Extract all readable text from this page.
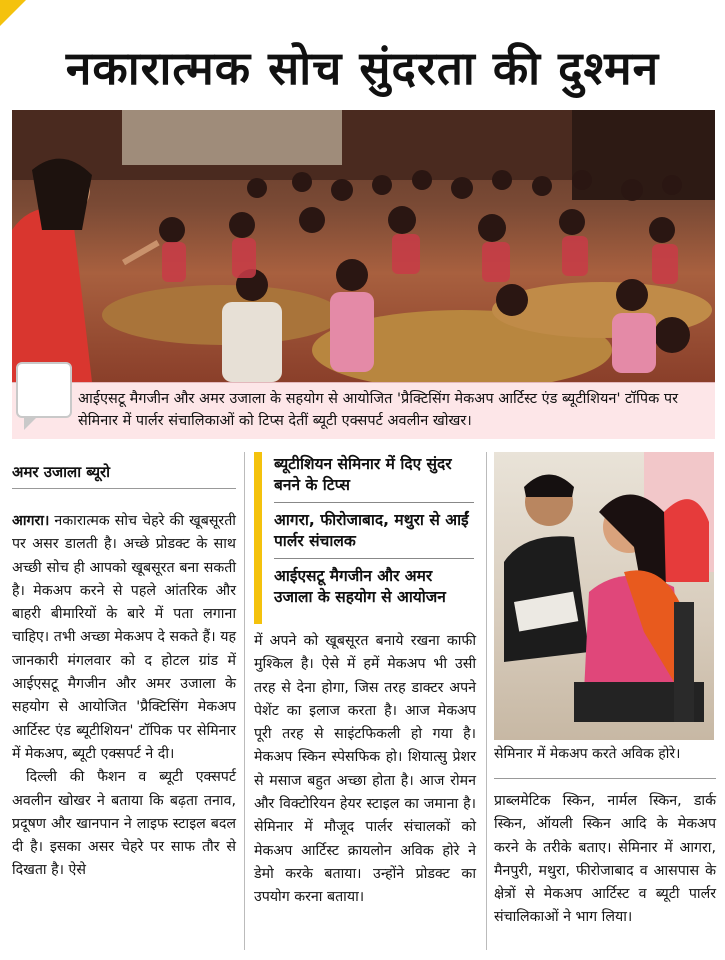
नकारात्मक सोच सुंदरता की दुश्मन
आईएसटू मैगजीन और अमर उजाला के सहयोग से आयोजित 'प्रैक्टिसिंग मेकअप आर्टिस्ट एंड ब्यूटीशियन' टॉपिक पर सेमिनार में पार्लर संचालिकाओं को टिप्स देतीं ब्यूटी एक्सपर्ट अवलीन खोखर।
अमर उजाला ब्यूरो

आगरा। नकारात्मक सोच चेहरे की खूबसूरती पर असर डालती है। अच्छे प्रोडक्ट के साथ अच्छी सोच ही आपको खूबसूरत बना सकती है। मेकअप करने से पहले आंतरिक और बाहरी बीमारियों के बारे में पता लगाना चाहिए। तभी अच्छा मेकअप दे सकते हैं। यह जानकारी मंगलवार को द होटल ग्रांड में आईएसटू मैगजीन और अमर उजाला के सहयोग से आयोजित 'प्रैक्टिसिंग मेकअप आर्टिस्ट एंड ब्यूटीशियन' टॉपिक पर सेमिनार में मेकअप, ब्यूटी एक्सपर्ट ने दी।

दिल्ली की फैशन व ब्यूटी एक्सपर्ट अवलीन खोखर ने बताया कि बढ़ता तनाव, प्रदूषण और खानपान ने लाइफ स्टाइल बदल दी है। इसका असर चेहरे पर साफ तौर से दिखता है। ऐसे

ब्यूटीशियन सेमिनार में दिए सुंदर बनने के टिप्स
आगरा, फीरोजाबाद, मथुरा से आईं पार्लर संचालक
आईएसटू मैगजीन और अमर उजाला के सहयोग से आयोजन

में अपने को खूबसूरत बनाये रखना काफी मुश्किल है। ऐसे में हमें मेकअप भी उसी तरह से देना होगा, जिस तरह डाक्टर अपने पेशेंट का इलाज करता है। आज मेकअप पूरी तरह से साइंटफिकली हो गया है। मेकअप स्किन स्पेसफिक हो। शियात्सु प्रेशर से मसाज बहुत अच्छा होता है। आज रोमन और विक्टोरियन हेयर स्टाइल का जमाना है। सेमिनार में मौजूद पार्लर संचालकों को मेकअप आर्टिस्ट क्रायलोन अविक होरे ने डेमो करके बताया। उन्होंने प्रोडक्ट का उपयोग करना बताया।

सेमिनार में मेकअप करते अविक होरे।

प्राब्लमेटिक स्किन, नार्मल स्किन, डार्क स्किन, ऑयली स्किन आदि के मेकअप करने के तरीके बताए। सेमिनार में आगरा, मैनपुरी, मथुरा, फीरोजाबाद व आसपास के क्षेत्रों से मेकअप आर्टिस्ट व ब्यूटी पार्लर संचालिकाओं ने भाग लिया।
